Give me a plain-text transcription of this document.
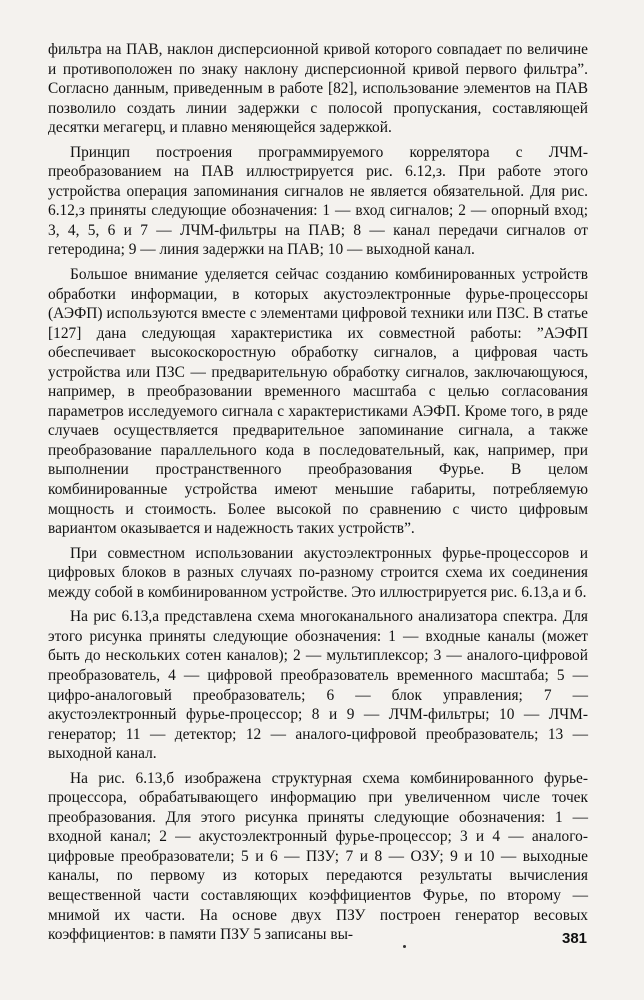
фильтра на ПАВ, наклон дисперсионной кривой которого совпадает по величине и противоположен по знаку наклону дисперсионной кривой первого фильтра”. Согласно данным, приведенным в работе [82], использование элементов на ПАВ позволило создать линии задержки с полосой пропускания, составляющей десятки мегагерц, и плавно меняющейся задержкой.

Принцип построения программируемого коррелятора с ЛЧМ-преобразованием на ПАВ иллюстрируется рис. 6.12,з. При работе этого устройства операция запоминания сигналов не является обязательной. Для рис. 6.12,з приняты следующие обозначения: 1 — вход сигналов; 2 — опорный вход; 3, 4, 5, 6 и 7 — ЛЧМ-фильтры на ПАВ; 8 — канал передачи сигналов от гетеродина; 9 — линия задержки на ПАВ; 10 — выходной канал.

Большое внимание уделяется сейчас созданию комбинированных устройств обработки информации, в которых акустоэлектронные фурье-процессоры (АЭФП) используются вместе с элементами цифровой техники или ПЗС. В статье [127] дана следующая характеристика их совместной работы: ”АЭФП обеспечивает высокоскоростную обработку сигналов, а цифровая часть устройства или ПЗС — предварительную обработку сигналов, заключающуюся, например, в преобразовании временного масштаба с целью согласования параметров исследуемого сигнала с характеристиками АЭФП. Кроме того, в ряде случаев осуществляется предварительное запоминание сигнала, а также преобразование параллельного кода в последовательный, как, например, при выполнении пространственного преобразования Фурье. В целом комбинированные устройства имеют меньшие габариты, потребляемую мощность и стоимость. Более высокой по сравнению с чисто цифровым вариантом оказывается и надежность таких устройств”.

При совместном использовании акустоэлектронных фурье-процессоров и цифровых блоков в разных случаях по-разному строится схема их соединения между собой в комбинированном устройстве. Это иллюстрируется рис. 6.13,а и б.

На рис 6.13,а представлена схема многоканального анализатора спектра. Для этого рисунка приняты следующие обозначения: 1 — входные каналы (может быть до нескольких сотен каналов); 2 — мультиплексор; 3 — аналого-цифровой преобразователь, 4 — цифровой преобразователь временного масштаба; 5 — цифро-аналоговый преобразователь; 6 — блок управления; 7 — акустоэлектронный фурье-процессор; 8 и 9 — ЛЧМ-фильтры; 10 — ЛЧМ-генератор; 11 — детектор; 12 — аналого-цифровой преобразователь; 13 — выходной канал.

На рис. 6.13,б изображена структурная схема комбинированного фурье-процессора, обрабатывающего информацию при увеличенном числе точек преобразования. Для этого рисунка приняты следующие обозначения: 1 — входной канал; 2 — акустоэлектронный фурье-процессор; 3 и 4 — аналого-цифровые преобразователи; 5 и 6 — ПЗУ; 7 и 8 — ОЗУ; 9 и 10 — выходные каналы, по первому из которых передаются результаты вычисления вещественной части составляющих коэффициентов Фурье, по второму — мнимой их части. На основе двух ПЗУ построен генератор весовых коэффициентов: в памяти ПЗУ 5 записаны вы-	381
